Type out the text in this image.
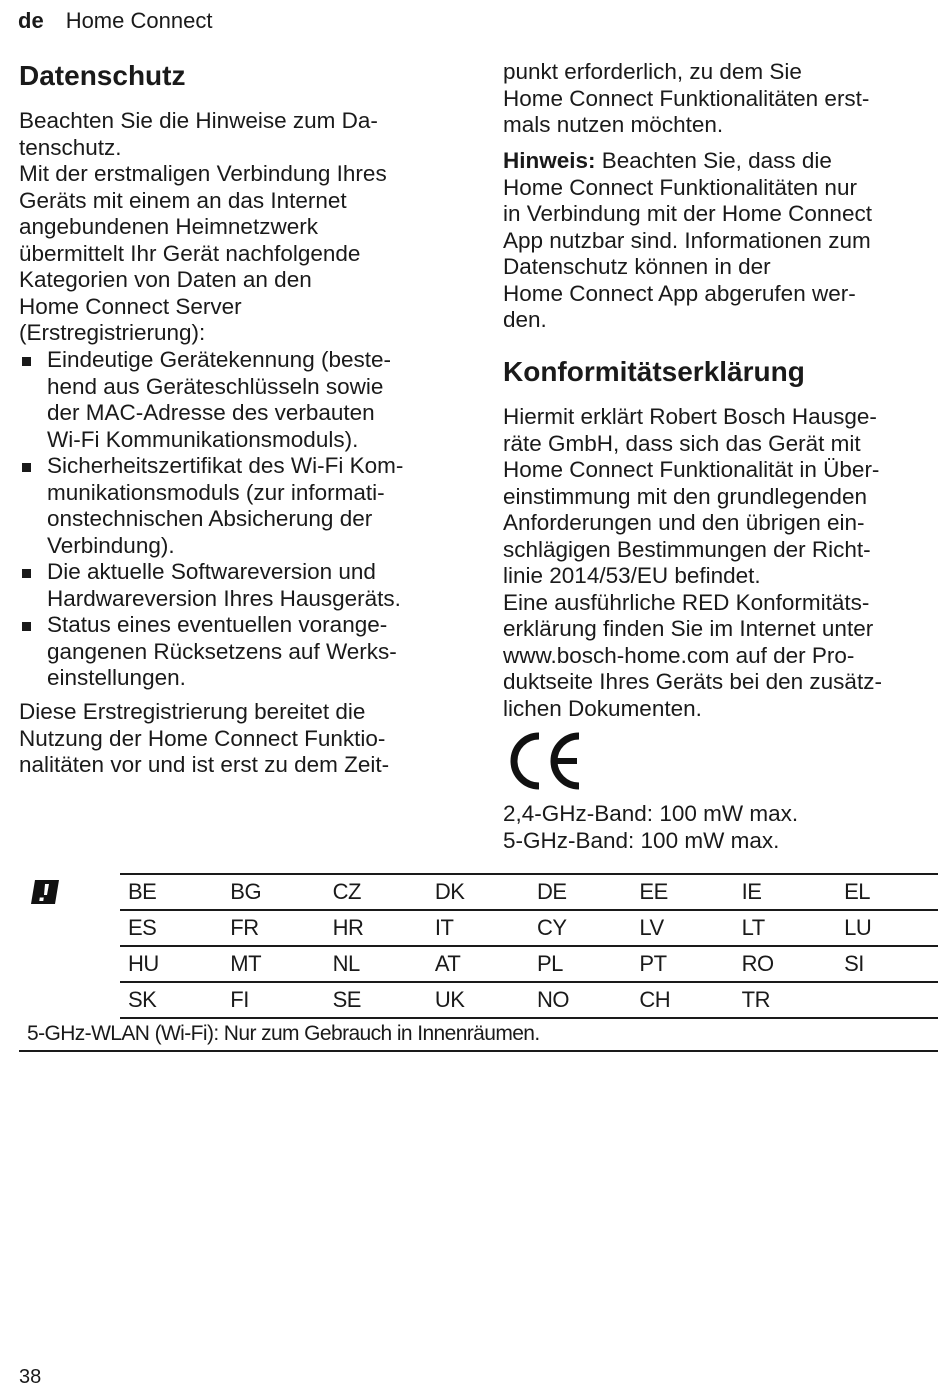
de Home Connect
Datenschutz
Beachten Sie die Hinweise zum Da-
tenschutz.
Mit der erstmaligen Verbindung Ihres
Geräts mit einem an das Internet
angebundenen Heimnetzwerk
übermittelt Ihr Gerät nachfolgende
Kategorien von Daten an den
Home Connect Server
(Erstregistrierung):
Diese Erstregistrierung bereitet die
Nutzung der Home Connect Funktio-
nalitäten vor und ist erst zu dem Zeit-
Eindeutige Gerätekennung (beste-
hend aus Geräteschlüsseln sowie
der MAC-Adresse des verbauten
Wi-Fi Kommunikationsmoduls).
Sicherheitszertifikat des Wi-Fi Kom-
munikationsmoduls (zur informati-
onstechnischen Absicherung der
Verbindung).
Die aktuelle Softwareversion und
Hardwareversion Ihres Hausgeräts.
Status eines eventuellen vorange-
gangenen Rücksetzens auf Werks-
einstellungen.
punkt erforderlich, zu dem Sie
Home Connect Funktionalitäten erst-
mals nutzen möchten.
Hinweis: Beachten Sie, dass die
Home Connect Funktionalitäten nur
in Verbindung mit der Home Connect
App nutzbar sind. Informationen zum
Datenschutz können in der
Home Connect App abgerufen wer-
den.
Hiermit erklärt Robert Bosch Hausge-
räte GmbH, dass sich das Gerät mit
Home Connect Funktionalität in Über-
einstimmung mit den grundlegenden
Anforderungen und den übrigen ein-
schlägigen Bestimmungen der Richt-
linie 2014/53/EU befindet.
Eine ausführliche RED Konformitäts-
erklärung finden Sie im Internet unter
www.bosch-home.com auf der Pro-
duktseite Ihres Geräts bei den zusätz-
lichen Dokumenten.
Konformitätserklärung
2,4-GHz-Band: 100 mW max.
5-GHz-Band: 100 mW max.
BE	BG	CZ	DK	DE	EE	IE	EL
ES	FR	HR	IT	CY	LV	LT	LU
HU	MT	NL	AT	PL	PT	RO	SI
SK	FI	SE	UK	NO	CH	TR	
5-GHz-WLAN (Wi-Fi): Nur zum Gebrauch in Innenräumen.
38
